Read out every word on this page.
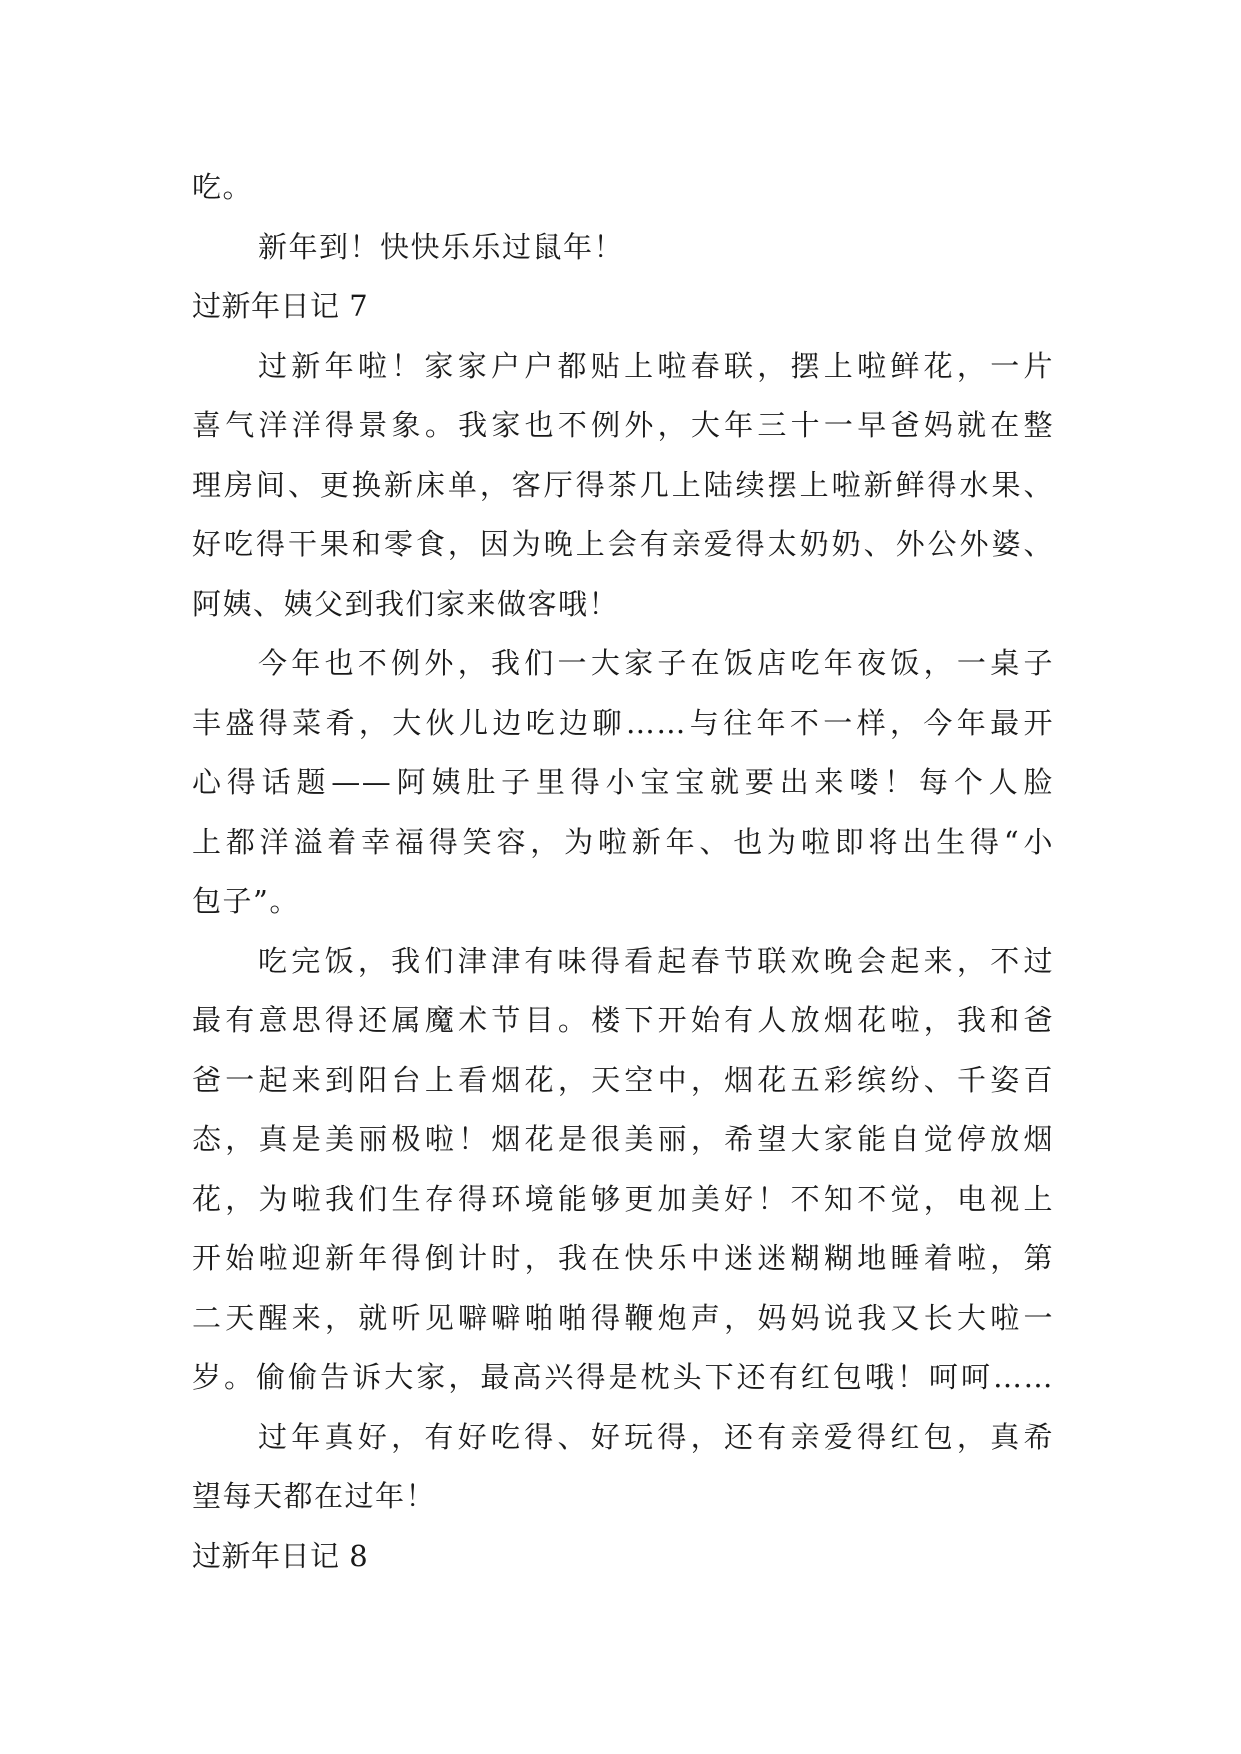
吃。

新年到！快快乐乐过鼠年！

过新年日记 7

过新年啦！家家户户都贴上啦春联，摆上啦鲜花，一片

喜气洋洋得景象。我家也不例外，大年三十一早爸妈就在整

理房间、更换新床单，客厅得茶几上陆续摆上啦新鲜得水果、

好吃得干果和零食，因为晚上会有亲爱得太奶奶、外公外婆、

阿姨、姨父到我们家来做客哦！

今年也不例外，我们一大家子在饭店吃年夜饭，一桌子

丰盛得菜肴，大伙儿边吃边聊……与往年不一样，今年最开

心得话题——阿姨肚子里得小宝宝就要出来喽！每个人脸

上都洋溢着幸福得笑容，为啦新年、也为啦即将出生得“小

包子”。

吃完饭，我们津津有味得看起春节联欢晚会起来，不过

最有意思得还属魔术节目。楼下开始有人放烟花啦，我和爸

爸一起来到阳台上看烟花，天空中，烟花五彩缤纷、千姿百

态，真是美丽极啦！烟花是很美丽，希望大家能自觉停放烟

花，为啦我们生存得环境能够更加美好！不知不觉，电视上

开始啦迎新年得倒计时，我在快乐中迷迷糊糊地睡着啦，第

二天醒来，就听见噼噼啪啪得鞭炮声，妈妈说我又长大啦一

岁。偷偷告诉大家，最高兴得是枕头下还有红包哦！呵呵……

过年真好，有好吃得、好玩得，还有亲爱得红包，真希

望每天都在过年！

过新年日记 8
